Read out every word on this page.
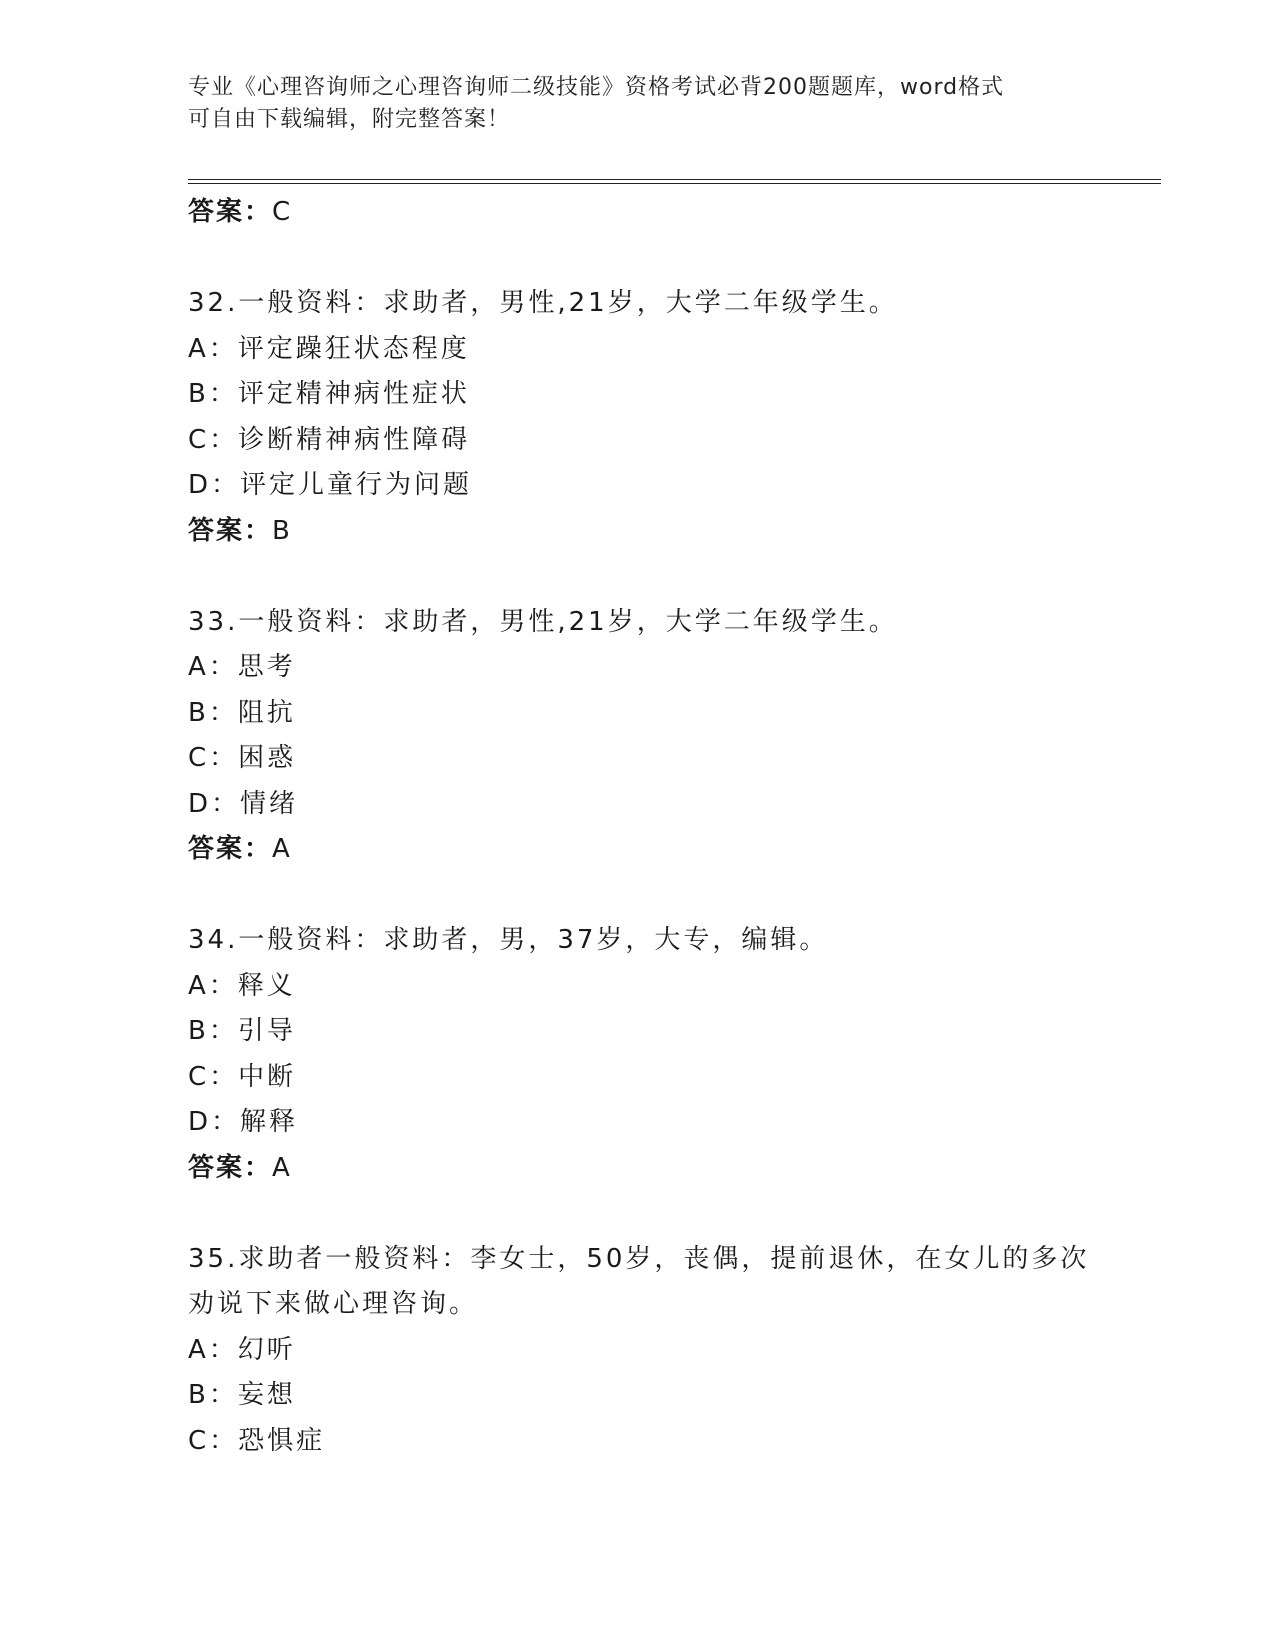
专业《心理咨询师之心理咨询师二级技能》资格考试必背200题题库，word格式
可自由下载编辑，附完整答案！
答案：C
32.一般资料：求助者，男性,21岁，大学二年级学生。
A：评定躁狂状态程度
B：评定精神病性症状
C：诊断精神病性障碍
D：评定儿童行为问题
答案：B
33.一般资料：求助者，男性,21岁，大学二年级学生。
A：思考
B：阻抗
C：困惑
D：情绪
答案：A
34.一般资料：求助者，男，37岁，大专，编辑。
A：释义
B：引导
C：中断
D：解释
答案：A
35.求助者一般资料：李女士，50岁，丧偶，提前退休，在女儿的多次
劝说下来做心理咨询。
A：幻听
B：妄想
C：恐惧症
